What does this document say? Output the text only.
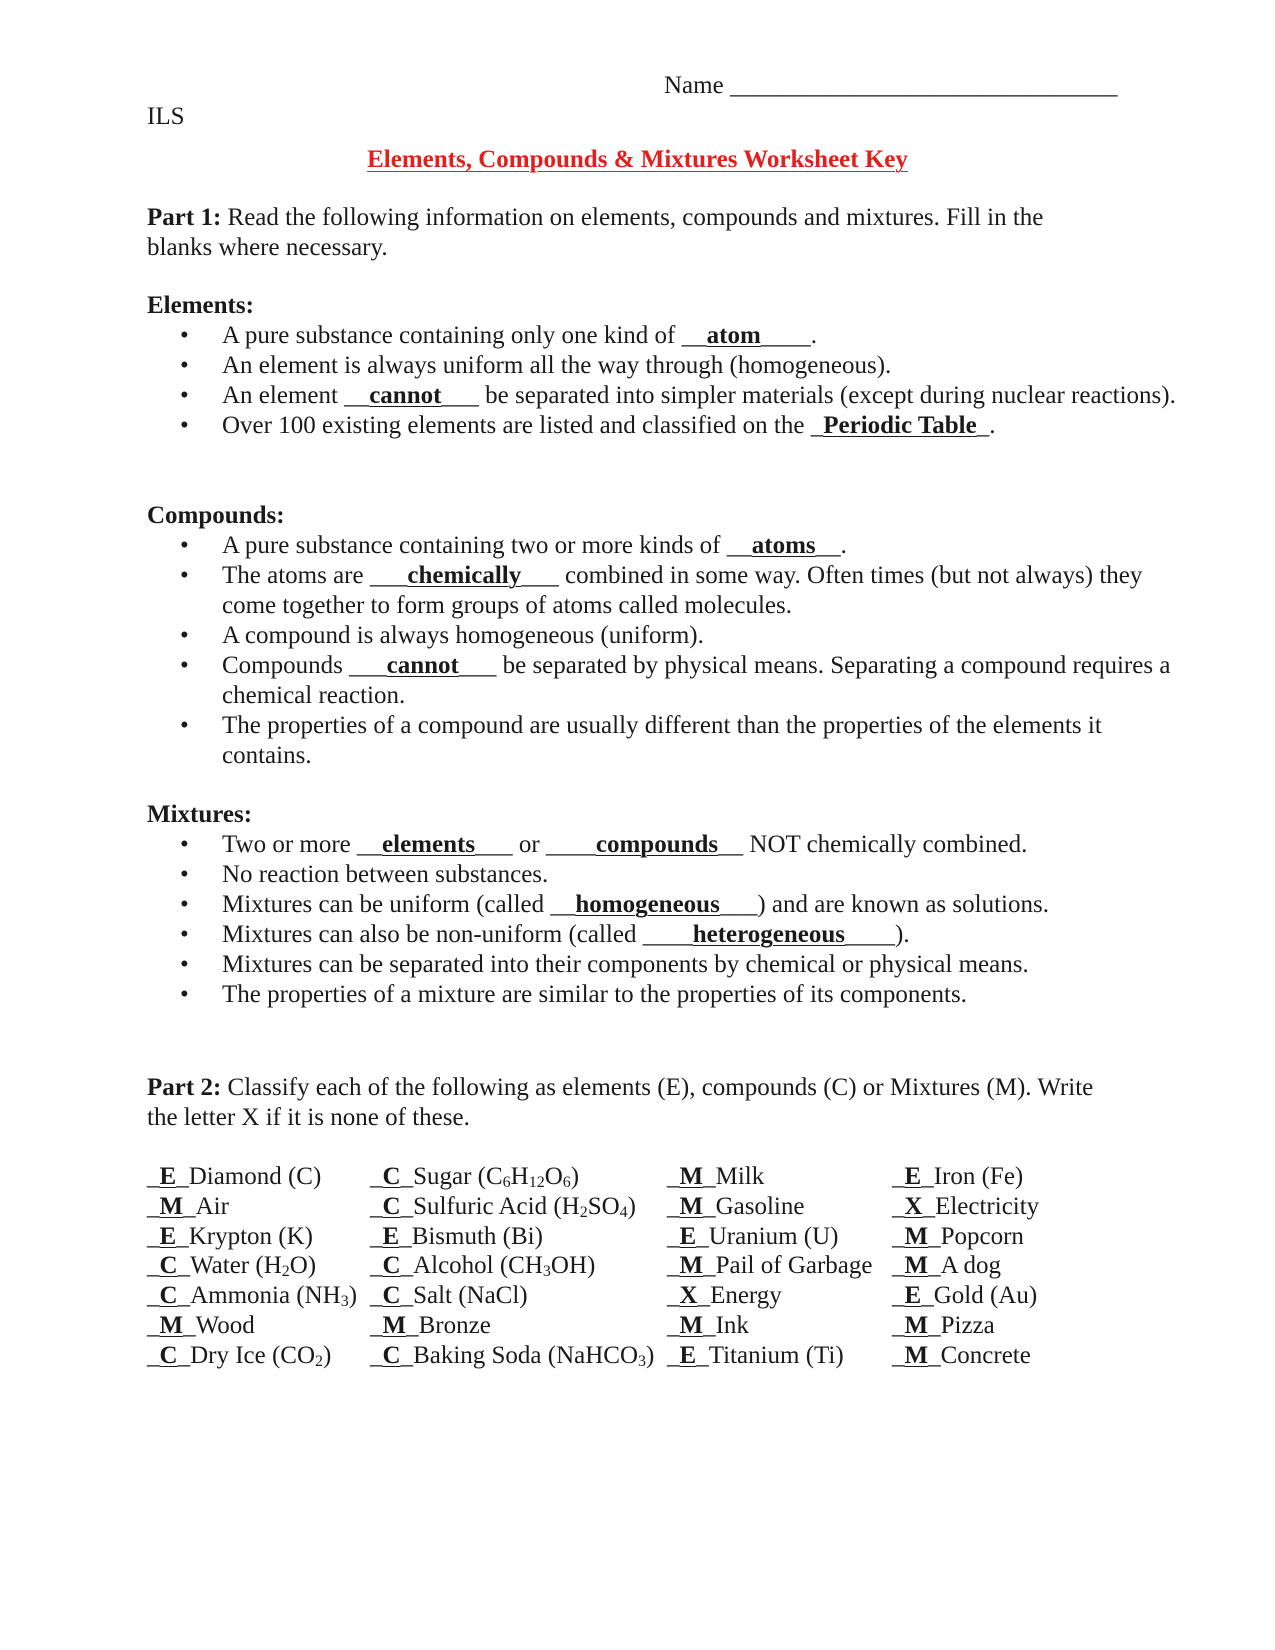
Name _______________________________
ILS
Elements, Compounds & Mixtures Worksheet Key
Part 1: Read the following information on elements, compounds and mixtures. Fill in the blanks where necessary.
Elements:
• A pure substance containing only one kind of __atom____.
• An element is always uniform all the way through (homogeneous).
• An element __cannot___ be separated into simpler materials (except during nuclear reactions).
• Over 100 existing elements are listed and classified on the _Periodic Table_.
Compounds:
• A pure substance containing two or more kinds of __atoms__.
• The atoms are ___chemically___ combined in some way. Often times (but not always) they come together to form groups of atoms called molecules.
• A compound is always homogeneous (uniform).
• Compounds ___cannot___ be separated by physical means. Separating a compound requires a chemical reaction.
• The properties of a compound are usually different than the properties of the elements it contains.
Mixtures:
• Two or more __elements___ or ____compounds__ NOT chemically combined.
• No reaction between substances.
• Mixtures can be uniform (called __homogeneous___) and are known as solutions.
• Mixtures can also be non-uniform (called ____heterogeneous____).
• Mixtures can be separated into their components by chemical or physical means.
• The properties of a mixture are similar to the properties of its components.
Part 2: Classify each of the following as elements (E), compounds (C) or Mixtures (M). Write the letter X if it is none of these.
_E_Diamond (C)
_M_Air
_E_Krypton (K)
_C_Water $(H_2O)$
_C_Ammonia $(NH_3)$
_M_Wood
_C_Dry Ice $(CO_2)$
_C_Sugar $(C_6H_{12}O_6)$
_C_Sulfuric Acid $(H_2SO_4)$
_E_Bismuth (Bi)
_C_Alcohol $(CH_3OH)$
_C_Salt (NaCl)
_M_Bronze
_C_Baking Soda (NaHCO$_3$)
_M_Milk
_M_Gasoline
_E_Uranium (U)
_M_Pail of Garbage
_X_Energy
_M_Ink
_E_Titanium (Ti)
_E_Iron (Fe)
_X_Electricity
_M_Popcorn
_M_A dog
_E_Gold (Au)
_M_Pizza
_M_Concrete
